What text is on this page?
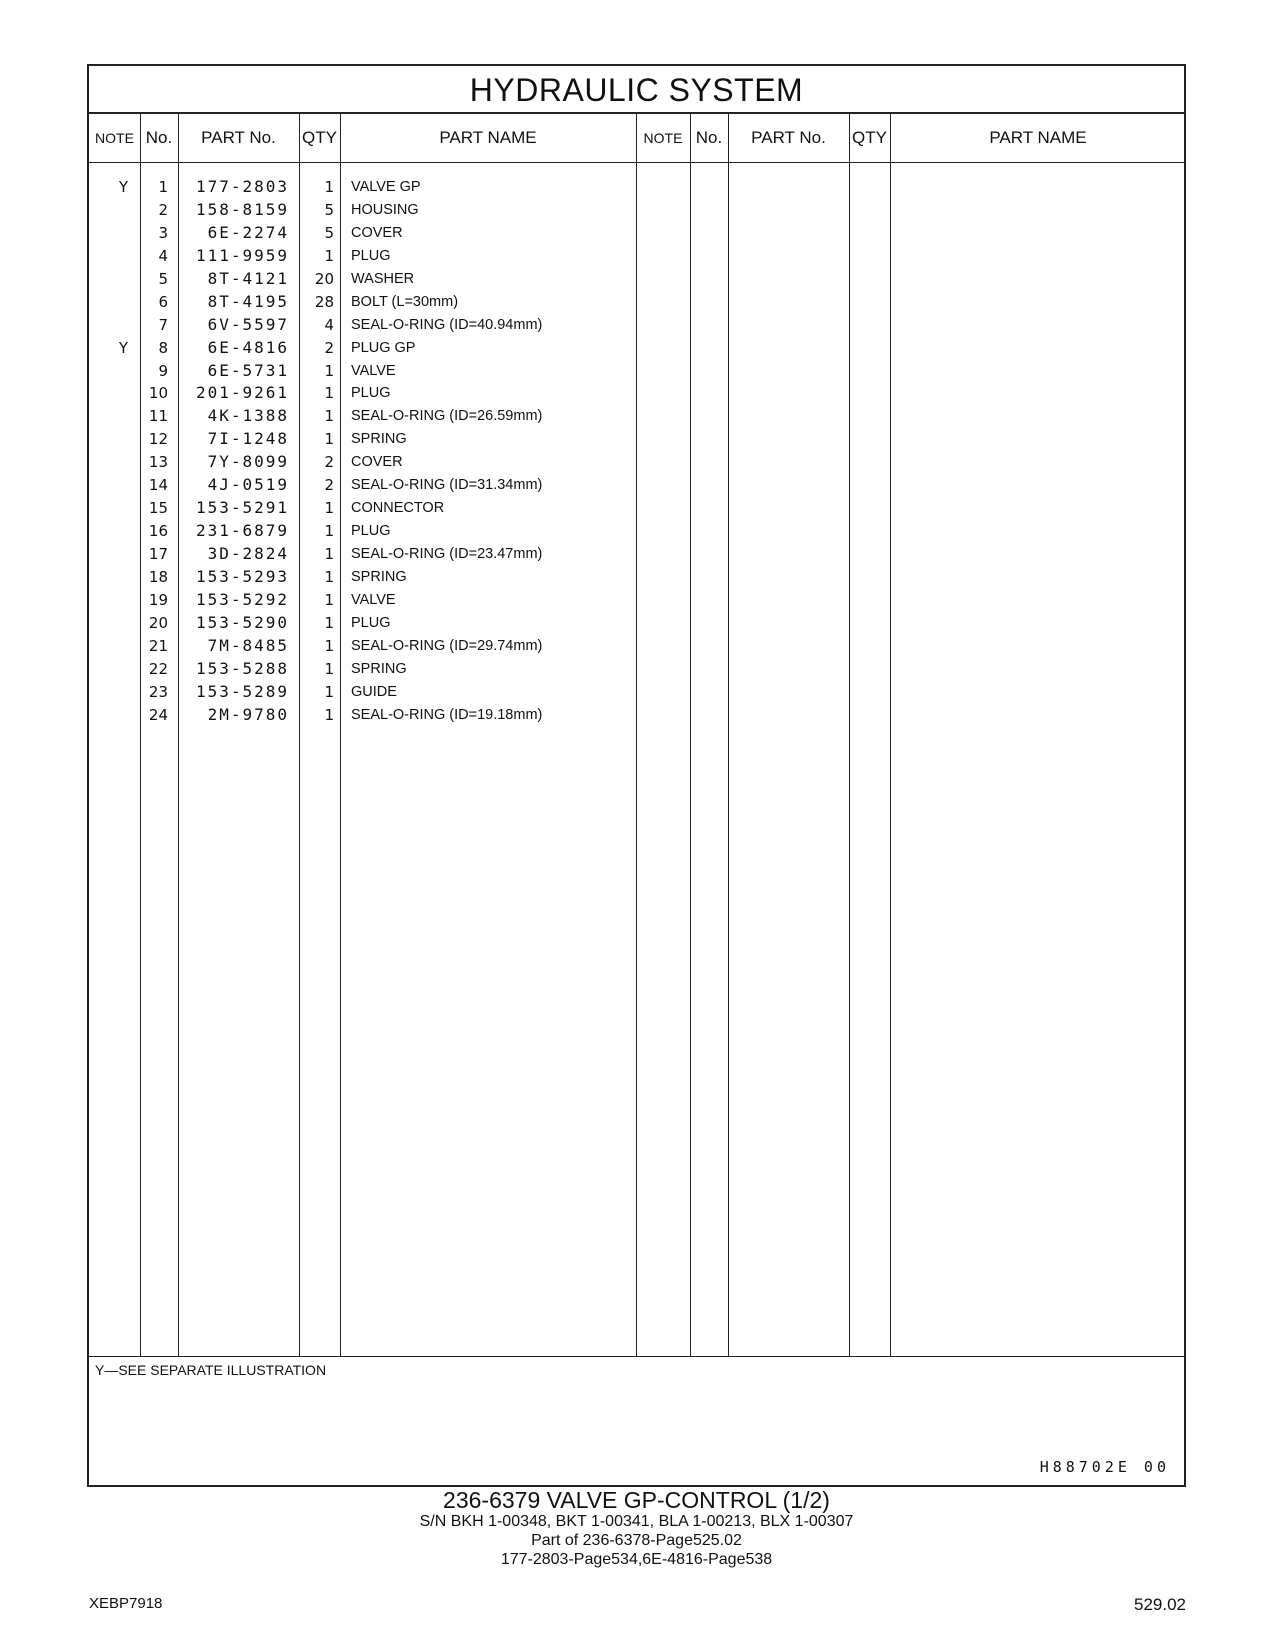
HYDRAULIC SYSTEM
NOTE No.	PART No.	QTY	PART NAME	NOTE No.	PART No.	QTY	PART NAME
Y	1	177-2803	1	VALVE GP
2	158-8159	5	HOUSING
3	6E-2274	5	COVER
4	111-9959	1	PLUG
5	8T-4121	20	WASHER
6	8T-4195	28	BOLT (L=30mm)
7	6V-5597	4	SEAL-O-RING (ID=40.94mm)
Y	8	6E-4816	2	PLUG GP
9	6E-5731	1	VALVE
10	201-9261	1	PLUG
11	4K-1388	1	SEAL-O-RING (ID=26.59mm)
12	7I-1248	1	SPRING
13	7Y-8099	2	COVER
14	4J-0519	2	SEAL-O-RING (ID=31.34mm)
15	153-5291	1	CONNECTOR
16	231-6879	1	PLUG
17	3D-2824	1	SEAL-O-RING (ID=23.47mm)
18	153-5293	1	SPRING
19	153-5292	1	VALVE
20	153-5290	1	PLUG
21	7M-8485	1	SEAL-O-RING (ID=29.74mm)
22	153-5288	1	SPRING
23	153-5289	1	GUIDE
24	2M-9780	1	SEAL-O-RING (ID=19.18mm)
Y—SEE SEPARATE ILLUSTRATION
H88702E 00
236-6379 VALVE GP-CONTROL (1/2)
S/N BKH 1-00348, BKT 1-00341, BLA 1-00213, BLX 1-00307
Part of 236-6378-Page525.02
177-2803-Page534,6E-4816-Page538
XEBP7918	529.02
